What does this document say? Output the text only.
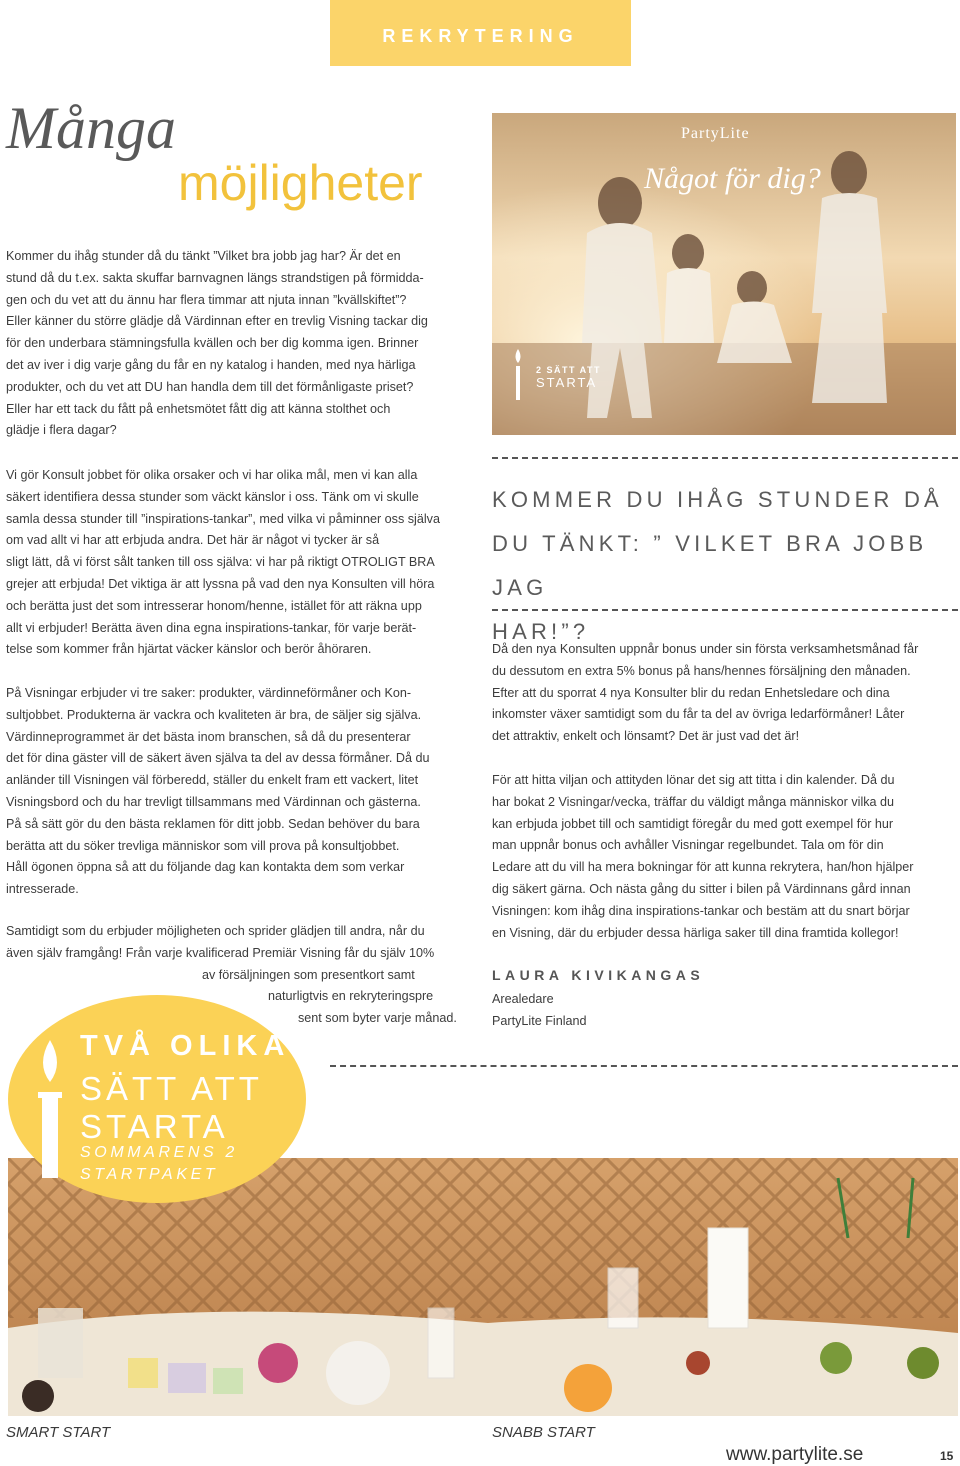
REKRYTERING
Många
möjligheter
Kommer du ihåg stunder då du tänkt ”Vilket bra jobb jag har? Är det en
stund då du t.ex. sakta skuffar barnvagnen längs strandstigen på förmidda-
gen och du vet att du ännu har flera timmar att njuta innan ”kvällskiftet”?
Eller känner du större glädje då Värdinnan efter en trevlig Visning tackar dig
för den underbara stämningsfulla kvällen och ber dig komma igen. Brinner
det av iver i dig varje gång du får en ny katalog i handen, med nya härliga
produkter, och du vet att DU han handla dem till det förmånligaste priset?
Eller har ett tack du fått på enhetsmötet fått dig att känna stolthet och
glädje i flera dagar?
Vi gör Konsult jobbet för olika orsaker och vi har olika mål, men vi kan alla
säkert identifiera dessa stunder som väckt känslor i oss. Tänk om vi skulle
samla dessa stunder till ”inspirations-tankar”, med vilka vi påminner oss själva
om vad allt vi har att erbjuda andra. Det här är något vi tycker är så
sligt lätt, då vi först sålt tanken till oss själva: vi har på riktigt OTROLIGT BRA
grejer att erbjuda! Det viktiga är att lyssna på vad den nya Konsulten vill höra
och berätta just det som intresserar honom/henne, istället för att räkna upp
allt vi erbjuder! Berätta även dina egna inspirations-tankar, för varje berät-
telse som kommer från hjärtat väcker känslor och berör åhöraren.
På Visningar erbjuder vi tre saker: produkter, värdinneförmåner och Kon-
sultjobbet. Produkterna är vackra och kvaliteten är bra, de säljer sig själva.
Värdinneprogrammet är det bästa inom branschen, så då du presenterar
det för dina gäster vill de säkert även själva ta del av dessa förmåner. Då du
anländer till Visningen väl förberedd, ställer du enkelt fram ett vackert, litet
Visningsbord och du har trevligt tillsammans med Värdinnan och gästerna.
På så sätt gör du den bästa reklamen för ditt jobb. Sedan behöver du bara
berätta att du söker trevliga människor som vill prova på konsultjobbet.
Håll ögonen öppna så att du följande dag kan kontakta dem som verkar
intresserade.
Samtidigt som du erbjuder möjligheten och sprider glädjen till andra, når du
även själv framgång! Från varje kvalificerad Premiär Visning får du själv 10%
av försäljningen som presentkort samt
naturligtvis en rekryteringspre
sent som byter varje månad.
PartyLite
Något för dig?
2 SÄTT ATT
STARTA
KOMMER DU IHÅG STUNDER DÅ
DU TÄNKT: ” VILKET BRA JOBB JAG
HAR!”?
Då den nya Konsulten uppnår bonus under sin första verksamhetsmånad får
du dessutom en extra 5% bonus på hans/hennes försäljning den månaden.
Efter att du sporrat 4 nya Konsulter blir du redan Enhetsledare och dina
inkomster växer samtidigt som du får ta del av övriga ledarförmåner! Låter
det attraktiv, enkelt och lönsamt? Det är just vad det är!
För att hitta viljan och attityden lönar det sig att titta i din kalender. Då du
har bokat 2 Visningar/vecka, träffar du väldigt många människor vilka du
kan erbjuda jobbet till och samtidigt föregår du med gott exempel för hur
man uppnår bonus och avhåller Visningar regelbundet. Tala om för din
Ledare att du vill ha mera bokningar för att kunna rekrytera, han/hon hjälper
dig säkert gärna. Och nästa gång du sitter i bilen på Värdinnans gård innan
Visningen: kom ihåg dina inspirations-tankar och bestäm att du snart börjar
en Visning, där du erbjuder dessa härliga saker till dina framtida kollegor!
LAURA KIVIKANGAS
Arealedare
PartyLite Finland
TVÅ OLIKA
SÄTT ATT
STARTA
SOMMARENS 2
STARTPAKET
SMART START	SNABB START
www.partylite.se	15
